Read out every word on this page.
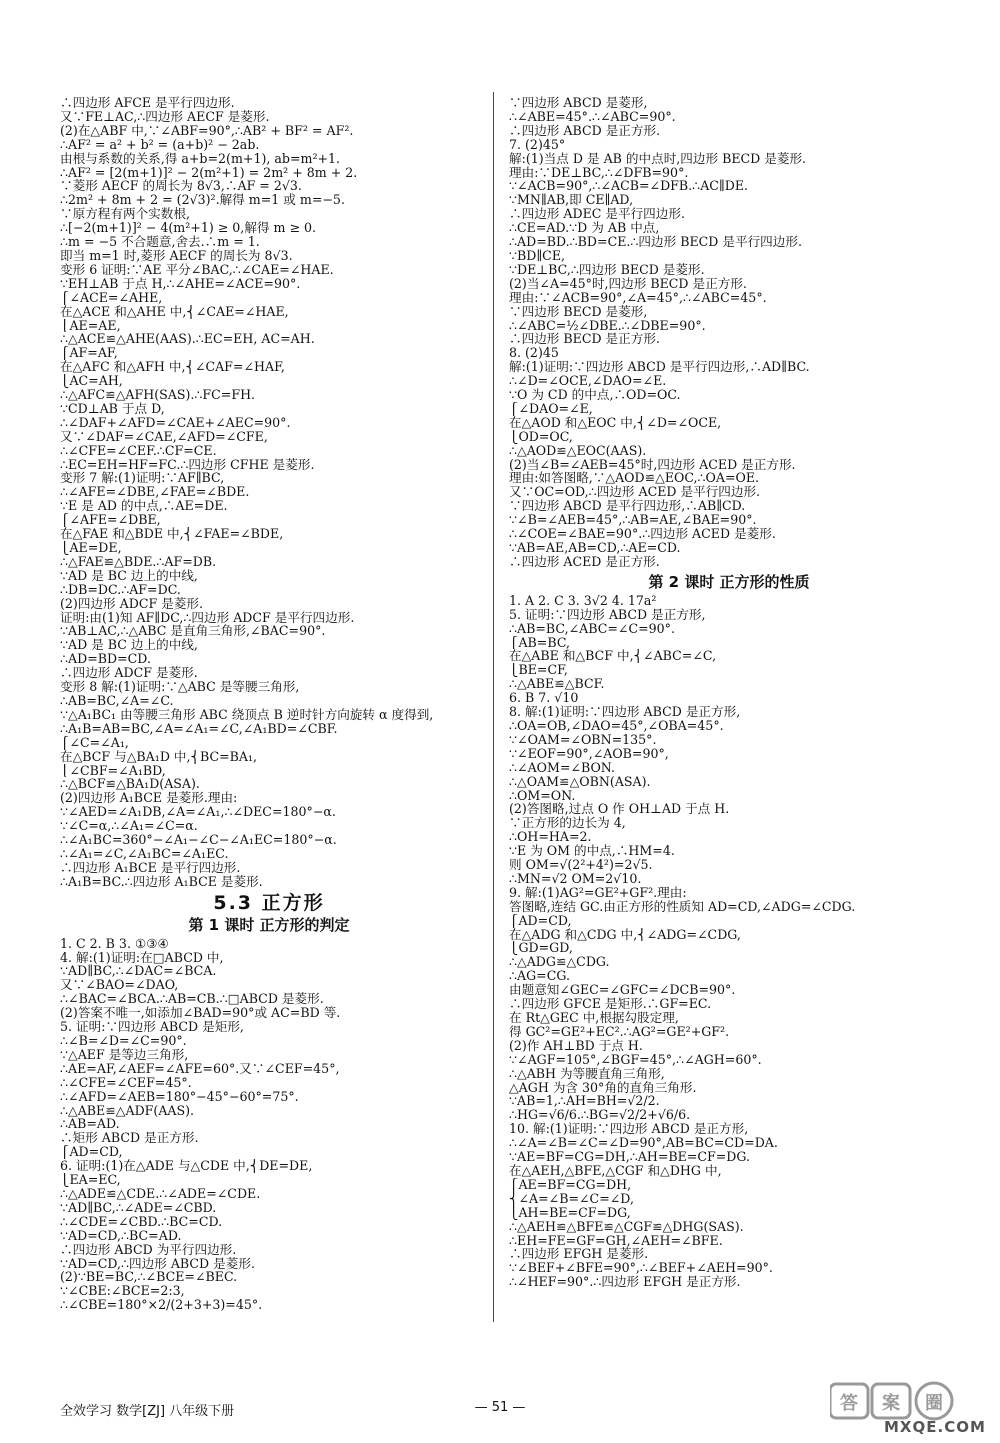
∴四边形 AFCE 是平行四边形.
又∵FE⊥AC,∴四边形 AECF 是菱形.
(2)在△ABF 中,∵∠ABF=90°,∴AB² + BF² = AF².
∴AF² = a² + b² = (a+b)² − 2ab.
由根与系数的关系,得 a+b=2(m+1), ab=m²+1.
∴AF² = [2(m+1)]² − 2(m²+1) = 2m² + 8m + 2.
∵菱形 AECF 的周长为 8√3,∴AF = 2√3.
∴2m² + 8m + 2 = (2√3)².解得 m=1 或 m=−5.
∵原方程有两个实数根,
∴[−2(m+1)]² − 4(m²+1) ≥ 0,解得 m ≥ 0.
∴m = −5 不合题意,舍去.∴m = 1.
即当 m=1 时,菱形 AECF 的周长为 8√3.
变形 6 证明:∵AE 平分∠BAC,∴∠CAE=∠HAE.
∵EH⊥AB 于点 H,∴∠AHE=∠ACE=90°.
⎧∠ACE=∠AHE,
在△ACE 和△AHE 中,⎨∠CAE=∠HAE,
⎩AE=AE,
∴△ACE≌△AHE(AAS).∴EC=EH, AC=AH.
⎧AF=AF,
在△AFC 和△AFH 中,⎨∠CAF=∠HAF,
⎩AC=AH,
∴△AFC≌△AFH(SAS).∴FC=FH.
∵CD⊥AB 于点 D,
∴∠DAF+∠AFD=∠CAE+∠AEC=90°.
又∵∠DAF=∠CAE,∠AFD=∠CFE,
∴∠CFE=∠CEF.∴CF=CE.
∴EC=EH=HF=FC.∴四边形 CFHE 是菱形.
变形 7 解:(1)证明:∵AF∥BC,
∴∠AFE=∠DBE,∠FAE=∠BDE.
∵E 是 AD 的中点,∴AE=DE.
⎧∠AFE=∠DBE,
在△FAE 和△BDE 中,⎨∠FAE=∠BDE,
⎩AE=DE,
∴△FAE≌△BDE.∴AF=DB.
∵AD 是 BC 边上的中线,
∴DB=DC.∴AF=DC.
(2)四边形 ADCF 是菱形.
证明:由(1)知 AF∥DC,∴四边形 ADCF 是平行四边形.
∵AB⊥AC,∴△ABC 是直角三角形,∠BAC=90°.
∵AD 是 BC 边上的中线,
∴AD=BD=CD.
∴四边形 ADCF 是菱形.
变形 8 解:(1)证明:∵△ABC 是等腰三角形,
∴AB=BC,∠A=∠C.
∵△A₁BC₁ 由等腰三角形 ABC 绕顶点 B 逆时针方向旋转 α 度得到,
∴A₁B=AB=BC,∠A=∠A₁=∠C,∠A₁BD=∠CBF.
⎧∠C=∠A₁,
在△BCF 与△BA₁D 中,⎨BC=BA₁,
⎩∠CBF=∠A₁BD,
∴△BCF≌△BA₁D(ASA).
(2)四边形 A₁BCE 是菱形.理由:
∵∠AED=∠A₁DB,∠A=∠A₁,∴∠DEC=180°−α.
∵∠C=α,∴∠A₁=∠C=α.
∴∠A₁BC=360°−∠A₁−∠C−∠A₁EC=180°−α.
∴∠A₁=∠C,∠A₁BC=∠A₁EC.
∴四边形 A₁BCE 是平行四边形.
∴A₁B=BC.∴四边形 A₁BCE 是菱形.
5.3 正方形
第 1 课时 正方形的判定
1. C 2. B 3. ①③④
4. 解:(1)证明:在□ABCD 中,
∵AD∥BC,∴∠DAC=∠BCA.
又∵∠BAO=∠DAO,
∴∠BAC=∠BCA.∴AB=CB.∴□ABCD 是菱形.
(2)答案不唯一,如添加∠BAD=90°或 AC=BD 等.
5. 证明:∵四边形 ABCD 是矩形,
∴∠B=∠D=∠C=90°.
∵△AEF 是等边三角形,
∴AE=AF,∠AEF=∠AFE=60°.又∵∠CEF=45°,
∴∠CFE=∠CEF=45°.
∴∠AFD=∠AEB=180°−45°−60°=75°.
∴△ABE≌△ADF(AAS).
∴AB=AD.
∴矩形 ABCD 是正方形.
⎧AD=CD,
6. 证明:(1)在△ADE 与△CDE 中,⎨DE=DE,
⎩EA=EC,
∴△ADE≌△CDE.∴∠ADE=∠CDE.
∵AD∥BC,∴∠ADE=∠CBD.
∴∠CDE=∠CBD.∴BC=CD.
∵AD=CD,∴BC=AD.
∴四边形 ABCD 为平行四边形.
∵AD=CD,∴四边形 ABCD 是菱形.
(2)∵BE=BC,∴∠BCE=∠BEC.
∵∠CBE:∠BCE=2:3,
∴∠CBE=180°×2/(2+3+3)=45°.
∵四边形 ABCD 是菱形,
∴∠ABE=45°.∴∠ABC=90°.
∴四边形 ABCD 是正方形.
7. (2)45°
解:(1)当点 D 是 AB 的中点时,四边形 BECD 是菱形.
理由:∵DE⊥BC,∴∠DFB=90°.
∵∠ACB=90°,∴∠ACB=∠DFB.∴AC∥DE.
∵MN∥AB,即 CE∥AD,
∴四边形 ADEC 是平行四边形.
∴CE=AD.∵D 为 AB 中点,
∴AD=BD.∴BD=CE.∴四边形 BECD 是平行四边形.
∵BD∥CE,
∵DE⊥BC,∴四边形 BECD 是菱形.
(2)当∠A=45°时,四边形 BECD 是正方形.
理由:∵∠ACB=90°,∠A=45°,∴∠ABC=45°.
∵四边形 BECD 是菱形,
∴∠ABC=½∠DBE.∴∠DBE=90°.
∴四边形 BECD 是正方形.
8. (2)45
解:(1)证明:∵四边形 ABCD 是平行四边形,∴AD∥BC.
∴∠D=∠OCE,∠DAO=∠E.
∵O 为 CD 的中点,∴OD=OC.
⎧∠DAO=∠E,
在△AOD 和△EOC 中,⎨∠D=∠OCE,
⎩OD=OC,
∴△AOD≌△EOC(AAS).
(2)当∠B=∠AEB=45°时,四边形 ACED 是正方形.
理由:如答图略,∵△AOD≌△EOC,∴OA=OE.
又∵OC=OD,∴四边形 ACED 是平行四边形.
∵四边形 ABCD 是平行四边形,∴AB∥CD.
∵∠B=∠AEB=45°,∴AB=AE,∠BAE=90°.
∴∠COE=∠BAE=90°.∴四边形 ACED 是菱形.
∵AB=AE,AB=CD,∴AE=CD.
∴四边形 ACED 是正方形.
第 2 课时 正方形的性质
1. A 2. C 3. 3√2 4. 17a²
5. 证明:∵四边形 ABCD 是正方形,
∴AB=BC,∠ABC=∠C=90°.
⎧AB=BC,
在△ABE 和△BCF 中,⎨∠ABC=∠C,
⎩BE=CF,
∴△ABE≌△BCF.
6. B 7. √10
8. 解:(1)证明:∵四边形 ABCD 是正方形,
∴OA=OB,∠DAO=45°,∠OBA=45°.
∵∠OAM=∠OBN=135°.
∵∠EOF=90°,∠AOB=90°,
∴∠AOM=∠BON.
∴△OAM≌△OBN(ASA).
∴OM=ON.
(2)答图略,过点 O 作 OH⊥AD 于点 H.
∵正方形的边长为 4,
∴OH=HA=2.
∵E 为 OM 的中点,∴HM=4.
则 OM=√(2²+4²)=2√5.
∴MN=√2 OM=2√10.
9. 解:(1)AG²=GE²+GF².理由:
答图略,连结 GC.由正方形的性质知 AD=CD,∠ADG=∠CDG.
⎧AD=CD,
在△ADG 和△CDG 中,⎨∠ADG=∠CDG,
⎩GD=GD,
∴△ADG≌△CDG.
∴AG=CG.
由题意知∠GEC=∠GFC=∠DCB=90°.
∴四边形 GFCE 是矩形.∴GF=EC.
在 Rt△GEC 中,根据勾股定理,
得 GC²=GE²+EC².∴AG²=GE²+GF².
(2)作 AH⊥BD 于点 H.
∵∠AGF=105°,∠BGF=45°,∴∠AGH=60°.
∴△ABH 为等腰直角三角形,
△AGH 为含 30°角的直角三角形.
∵AB=1,∴AH=BH=√2/2.
∴HG=√6/6.∴BG=√2/2+√6/6.
10. 解:(1)证明:∵四边形 ABCD 是正方形,
∴∠A=∠B=∠C=∠D=90°,AB=BC=CD=DA.
∵AE=BF=CG=DH,∴AH=BE=CF=DG.
在△AEH,△BFE,△CGF 和△DHG 中,
⎧AE=BF=CG=DH,
⎨∠A=∠B=∠C=∠D,
⎩AH=BE=CF=DG,
∴△AEH≌△BFE≌△CGF≌△DHG(SAS).
∴EH=FE=GF=GH,∠AEH=∠BFE.
∴四边形 EFGH 是菱形.
∵∠BEF+∠BFE=90°,∴∠BEF+∠AEH=90°.
∴∠HEF=90°.∴四边形 EFGH 是正方形.
全效学习 数学[ZJ] 八年级下册	— 51 —	答 案 圈
MXQE.COM
